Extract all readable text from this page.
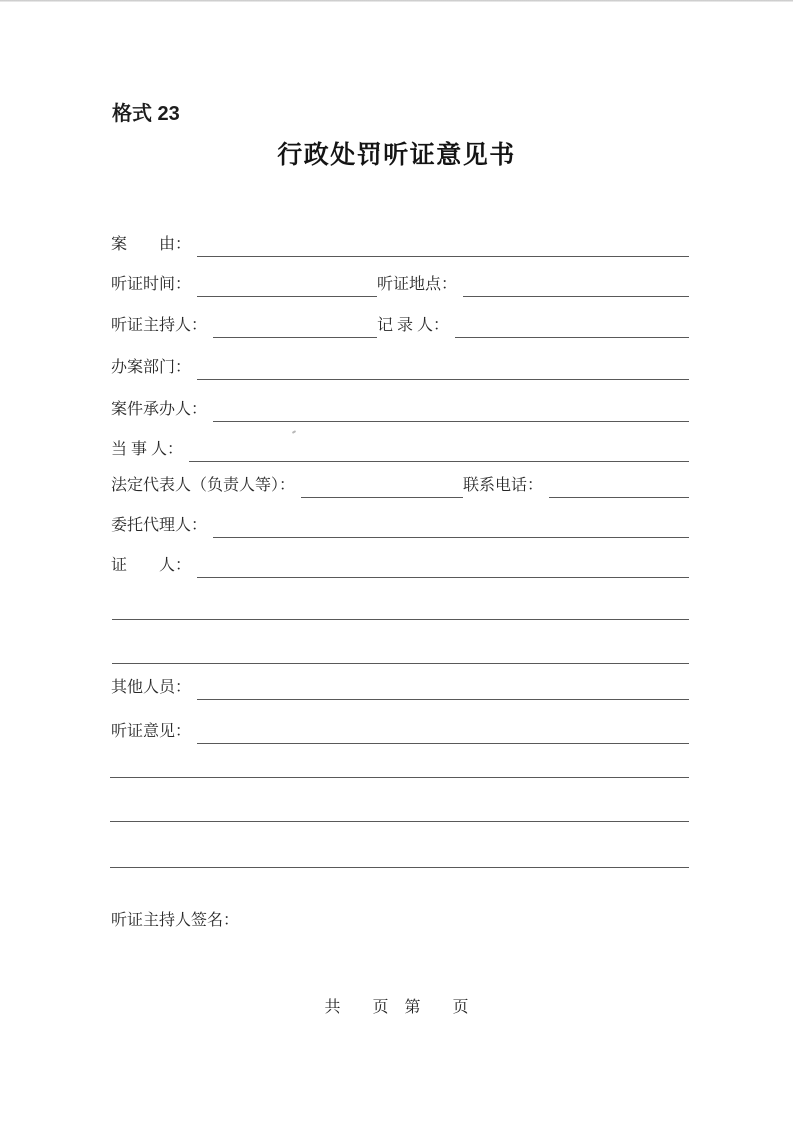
格式 23
行政处罚听证意见书
案　　由：
听证时间：	听证地点：
听证主持人：	记 录 人：
办案部门：
案件承办人：
当 事 人：
法定代表人（负责人等）：	联系电话：
委托代理人：
证　　人：
其他人员：
听证意见：
听证主持人签名：
共　　页　第　　页
